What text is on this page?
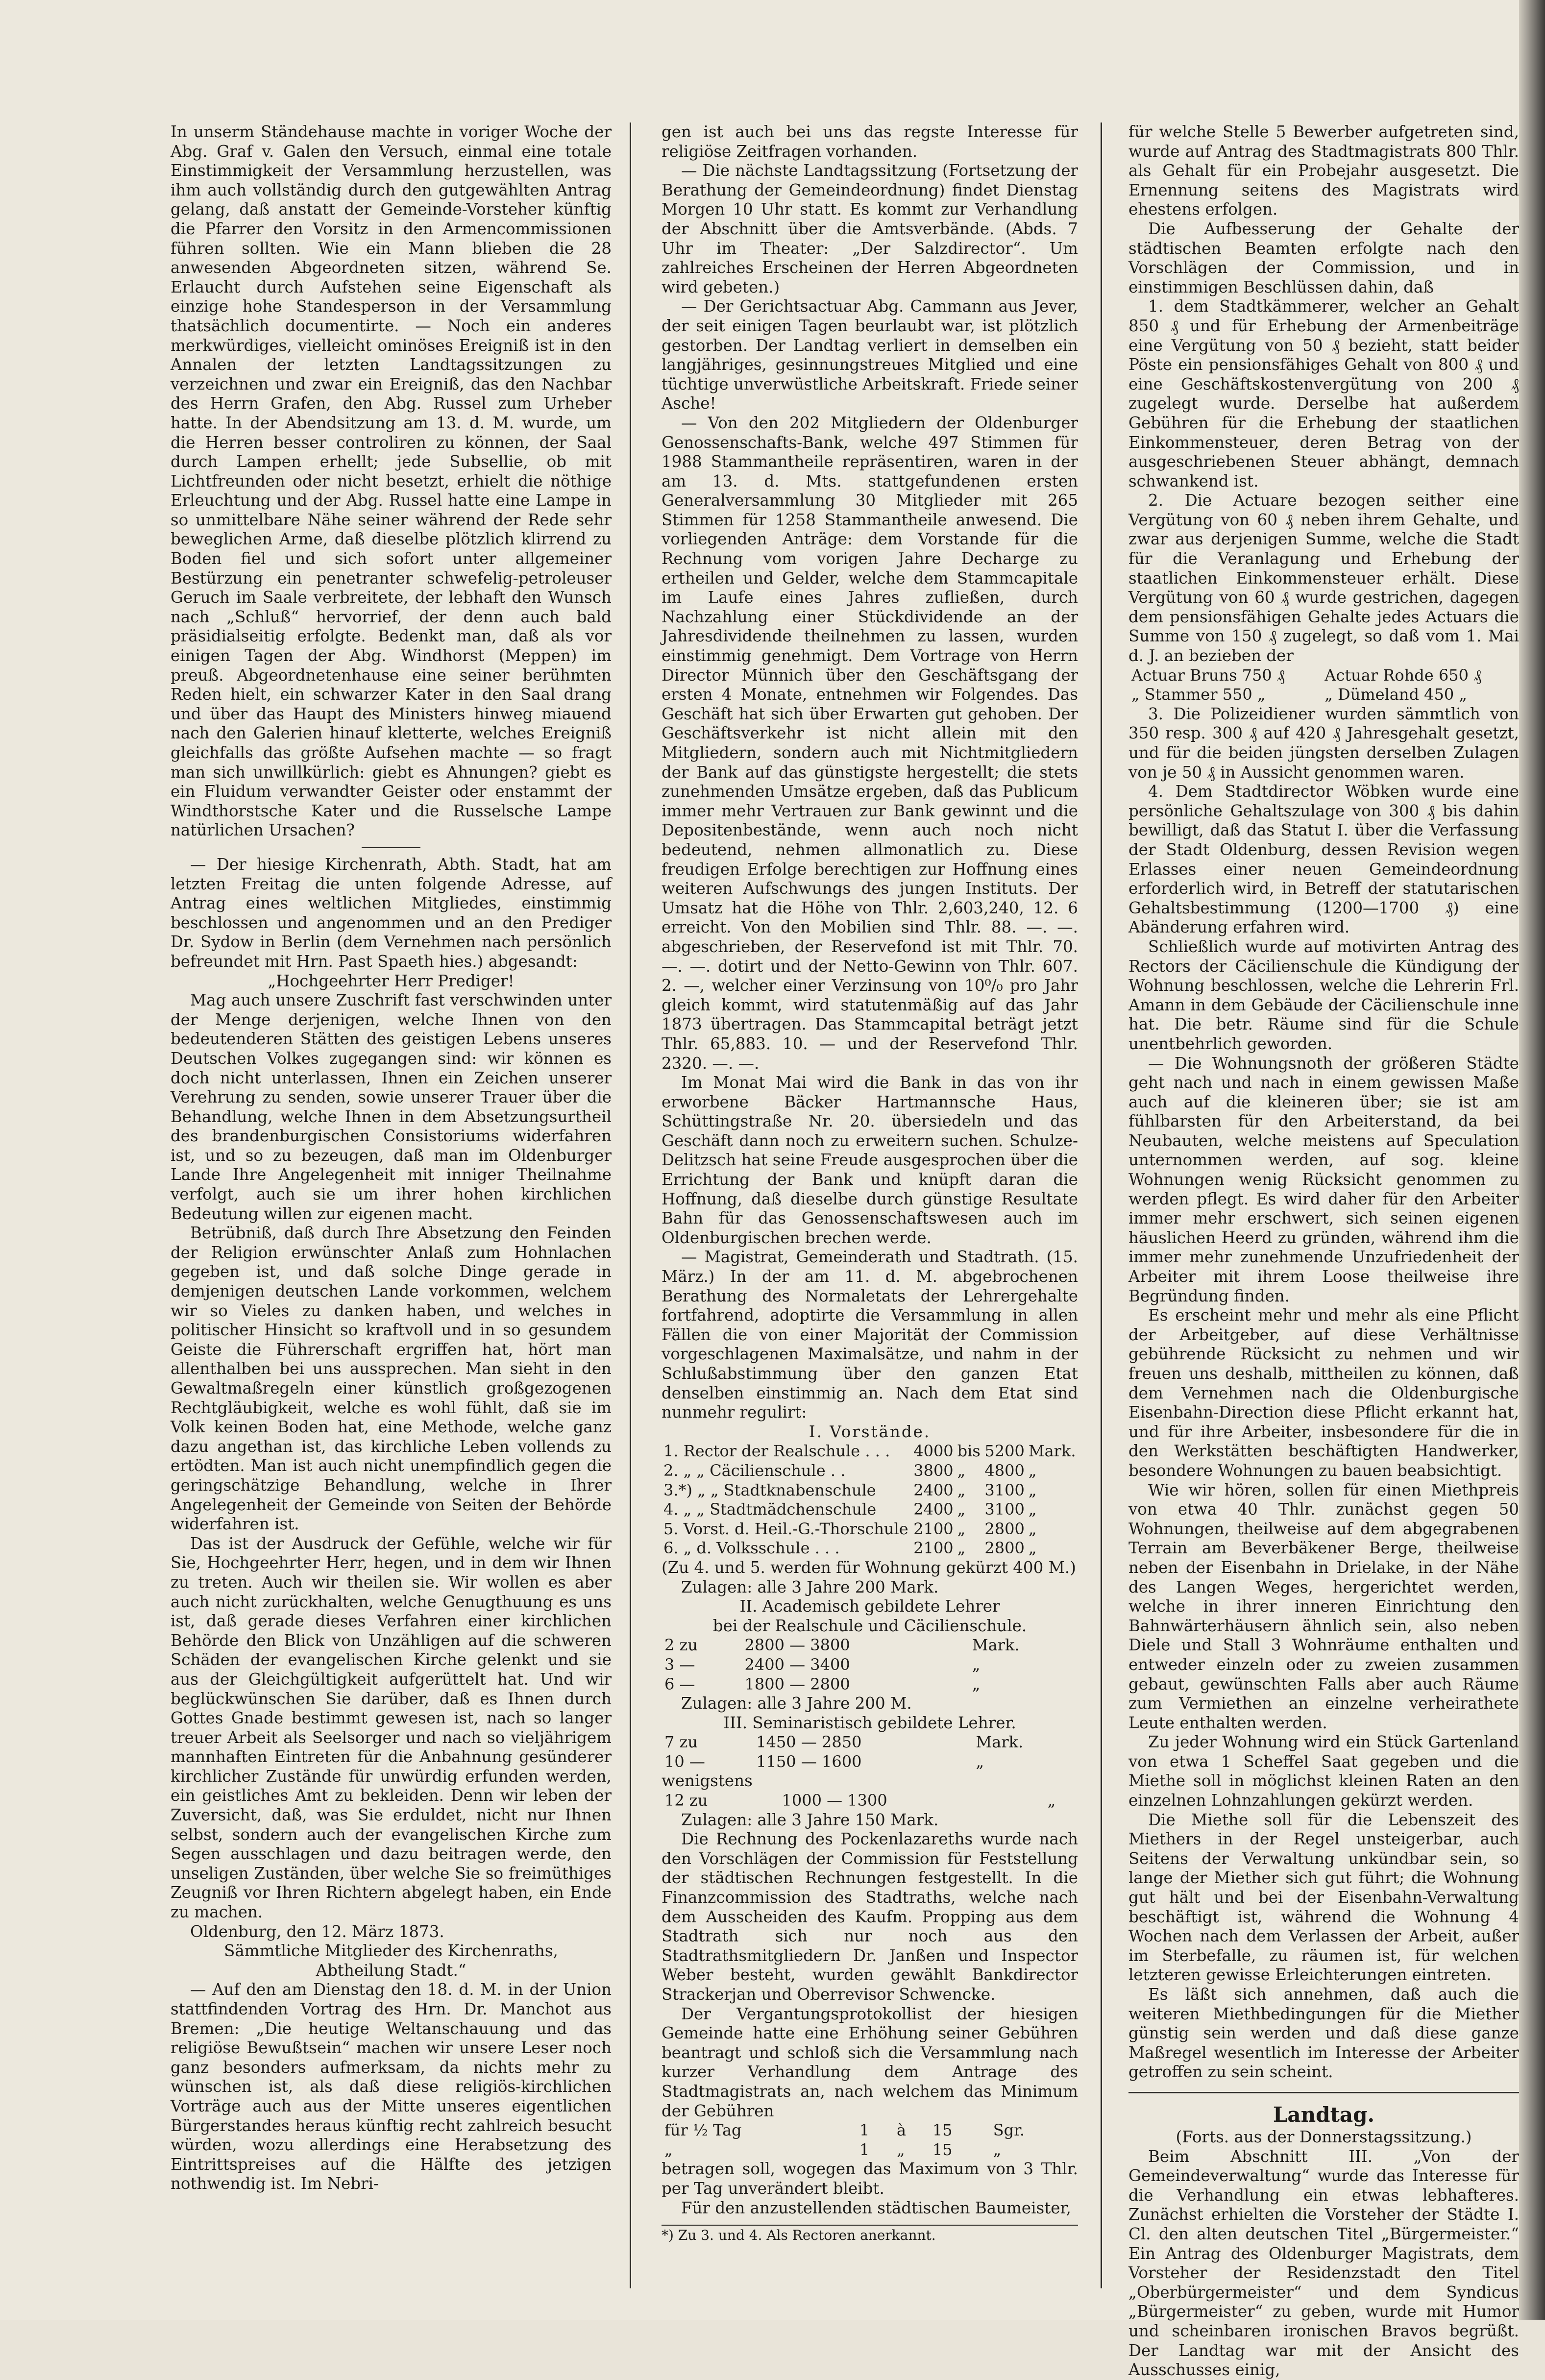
In unserm Ständehause machte in voriger Woche der Abg. Graf v. Galen den Versuch, einmal eine totale Einstimmigkeit der Versammlung herzustellen, was ihm auch vollständig durch den gutgewählten Antrag gelang, daß anstatt der Gemeinde-Vorsteher künftig die Pfarrer den Vorsitz in den Armencommissionen führen sollten. Wie ein Mann blieben die 28 anwesenden Abgeordneten sitzen, während Se. Erlaucht durch Aufstehen seine Eigenschaft als einzige hohe Standesperson in der Versammlung thatsächlich documentirte. — Noch ein anderes merkwürdiges, vielleicht ominöses Ereigniß ist in den Annalen der letzten Landtagssitzungen zu verzeichnen und zwar ein Ereigniß, das den Nachbar des Herrn Grafen, den Abg. Russel zum Urheber hatte. In der Abendsitzung am 13. d. M. wurde, um die Herren besser controliren zu können, der Saal durch Lampen erhellt; jede Subsellie, ob mit Lichtfreunden oder nicht besetzt, erhielt die nöthige Erleuchtung und der Abg. Russel hatte eine Lampe in so unmittelbare Nähe seiner während der Rede sehr beweglichen Arme, daß dieselbe plötzlich klirrend zu Boden fiel und sich sofort unter allgemeiner Bestürzung ein penetranter schwefelig-petroleuser Geruch im Saale verbreitete, der lebhaft den Wunsch nach „Schluß“ hervorrief, der denn auch bald präsidialseitig erfolgte. Bedenkt man, daß als vor einigen Tagen der Abg. Windhorst (Meppen) im preuß. Abgeordnetenhause eine seiner berühmten Reden hielt, ein schwarzer Kater in den Saal drang und über das Haupt des Ministers hinweg miauend nach den Galerien hinauf kletterte, welches Ereigniß gleichfalls das größte Aufsehen machte — so fragt man sich unwillkürlich: giebt es Ahnungen? giebt es ein Fluidum verwandter Geister oder enstammt der Windthorstsche Kater und die Russelsche Lampe natürlichen Ursachen?

— Der hiesige Kirchenrath, Abth. Stadt, hat am letzten Freitag die unten folgende Adresse, auf Antrag eines weltlichen Mitgliedes, einstimmig beschlossen und angenommen und an den Prediger Dr. Sydow in Berlin (dem Vernehmen nach persönlich befreundet mit Hrn. Past Spaeth hies.) abgesandt:

„Hochgeehrter Herr Prediger!

Mag auch unsere Zuschrift fast verschwinden unter der Menge derjenigen, welche Ihnen von den bedeutenderen Stätten des geistigen Lebens unseres Deutschen Volkes zugegangen sind: wir können es doch nicht unterlassen, Ihnen ein Zeichen unserer Verehrung zu senden, sowie unserer Trauer über die Behandlung, welche Ihnen in dem Absetzungsurtheil des brandenburgischen Consistoriums widerfahren ist, und so zu bezeugen, daß man im Oldenburger Lande Ihre Angelegenheit mit inniger Theilnahme verfolgt, auch sie um ihrer hohen kirchlichen Bedeutung willen zur eigenen macht.

Betrübniß, daß durch Ihre Absetzung den Feinden der Religion erwünschter Anlaß zum Hohnlachen gegeben ist, und daß solche Dinge gerade in demjenigen deutschen Lande vorkommen, welchem wir so Vieles zu danken haben, und welches in politischer Hinsicht so kraftvoll und in so gesundem Geiste die Führerschaft ergriffen hat, hört man allenthalben bei uns aussprechen. Man sieht in den Gewaltmaßregeln einer künstlich großgezogenen Rechtgläubigkeit, welche es wohl fühlt, daß sie im Volk keinen Boden hat, eine Methode, welche ganz dazu angethan ist, das kirchliche Leben vollends zu ertödten. Man ist auch nicht unempfindlich gegen die geringschätzige Behandlung, welche in Ihrer Angelegenheit der Gemeinde von Seiten der Behörde widerfahren ist.

Das ist der Ausdruck der Gefühle, welche wir für Sie, Hochgeehrter Herr, hegen, und in dem wir Ihnen zu treten. Auch wir theilen sie. Wir wollen es aber auch nicht zurückhalten, welche Genugthuung es uns ist, daß gerade dieses Verfahren einer kirchlichen Behörde den Blick von Unzähligen auf die schweren Schäden der evangelischen Kirche gelenkt und sie aus der Gleichgültigkeit aufgerüttelt hat. Und wir beglückwünschen Sie darüber, daß es Ihnen durch Gottes Gnade bestimmt gewesen ist, nach so langer treuer Arbeit als Seelsorger und nach so vieljährigem mannhaften Eintreten für die Anbahnung gesünderer kirchlicher Zustände für unwürdig erfunden werden, ein geistliches Amt zu bekleiden. Denn wir leben der Zuversicht, daß, was Sie erduldet, nicht nur Ihnen selbst, sondern auch der evangelischen Kirche zum Segen ausschlagen und dazu beitragen werde, den unseligen Zuständen, über welche Sie so freimüthiges Zeugniß vor Ihren Richtern abgelegt haben, ein Ende zu machen.

Oldenburg, den 12. März 1873.

Sämmtliche Mitglieder des Kirchenraths,

Abtheilung Stadt.“

— Auf den am Dienstag den 18. d. M. in der Union stattfindenden Vortrag des Hrn. Dr. Manchot aus Bremen: „Die heutige Weltanschauung und das religiöse Bewußtsein“ machen wir unsere Leser noch ganz besonders aufmerksam, da nichts mehr zu wünschen ist, als daß diese religiös-kirchlichen Vorträge auch aus der Mitte unseres eigentlichen Bürgerstandes heraus künftig recht zahlreich besucht würden, wozu allerdings eine Herabsetzung des Eintrittspreises auf die Hälfte des jetzigen nothwendig ist. Im Nebri-

gen ist auch bei uns das regste Interesse für religiöse Zeitfragen vorhanden.

— Die nächste Landtagssitzung (Fortsetzung der Berathung der Gemeindeordnung) findet Dienstag Morgen 10 Uhr statt. Es kommt zur Verhandlung der Abschnitt über die Amtsverbände. (Abds. 7 Uhr im Theater: „Der Salzdirector“. Um zahlreiches Erscheinen der Herren Abgeordneten wird gebeten.)

— Der Gerichtsactuar Abg. Cammann aus Jever, der seit einigen Tagen beurlaubt war, ist plötzlich gestorben. Der Landtag verliert in demselben ein langjähriges, gesinnungstreues Mitglied und eine tüchtige unverwüstliche Arbeitskraft. Friede seiner Asche!

— Von den 202 Mitgliedern der Oldenburger Genossenschafts-Bank, welche 497 Stimmen für 1988 Stammantheile repräsentiren, waren in der am 13. d. Mts. stattgefundenen ersten Generalversammlung 30 Mitglieder mit 265 Stimmen für 1258 Stammantheile anwesend. Die vorliegenden Anträge: dem Vorstande für die Rechnung vom vorigen Jahre Decharge zu ertheilen und Gelder, welche dem Stammcapitale im Laufe eines Jahres zufließen, durch Nachzahlung einer Stückdividende an der Jahresdividende theilnehmen zu lassen, wurden einstimmig genehmigt. Dem Vortrage von Herrn Director Münnich über den Geschäftsgang der ersten 4 Monate, entnehmen wir Folgendes. Das Geschäft hat sich über Erwarten gut gehoben. Der Geschäftsverkehr ist nicht allein mit den Mitgliedern, sondern auch mit Nichtmitgliedern der Bank auf das günstigste hergestellt; die stets zunehmenden Umsätze ergeben, daß das Publicum immer mehr Vertrauen zur Bank gewinnt und die Depositenbestände, wenn auch noch nicht bedeutend, nehmen allmonatlich zu. Diese freudigen Erfolge berechtigen zur Hoffnung eines weiteren Aufschwungs des jungen Instituts. Der Umsatz hat die Höhe von Thlr. 2,603,240, 12. 6 erreicht. Von den Mobilien sind Thlr. 88. —. —. abgeschrieben, der Reservefond ist mit Thlr. 70. —. —. dotirt und der Netto-Gewinn von Thlr. 607. 2. —, welcher einer Verzinsung von 10⁰/₀ pro Jahr gleich kommt, wird statutenmäßig auf das Jahr 1873 übertragen. Das Stammcapital beträgt jetzt Thlr. 65,883. 10. — und der Reservefond Thlr. 2320. —. —.

Im Monat Mai wird die Bank in das von ihr erworbene Bäcker Hartmannsche Haus, Schüttingstraße Nr. 20. übersiedeln und das Geschäft dann noch zu erweitern suchen. Schulze-Delitzsch hat seine Freude ausgesprochen über die Errichtung der Bank und knüpft daran die Hoffnung, daß dieselbe durch günstige Resultate Bahn für das Genossenschaftswesen auch im Oldenburgischen brechen werde.

— Magistrat, Gemeinderath und Stadtrath. (15. März.) In der am 11. d. M. abgebrochenen Berathung des Normaletats der Lehrergehalte fortfahrend, adoptirte die Versammlung in allen Fällen die von einer Majorität der Commission vorgeschlagenen Maximalsätze, und nahm in der Schlußabstimmung über den ganzen Etat denselben einstimmig an. Nach dem Etat sind nunmehr regulirt:

I. Vorstände.

1. Rector der Realschule . . .	4000	bis	5200	Mark.
2. „ „ Cäcilienschule . .	3800	„	4800	„
3.*) „ „ Stadtknabenschule	2400	„	3100	„
4. „ „ Stadtmädchenschule	2400	„	3100	„
5. Vorst. d. Heil.-G.-Thorschule	2100	„	2800	„
6. „ d. Volksschule . . .	2100	„	2800	„

(Zu 4. und 5. werden für Wohnung gekürzt 400 M.)

Zulagen: alle 3 Jahre 200 Mark.

II. Academisch gebildete Lehrer

bei der Realschule und Cäcilienschule.

2 zu	2800 — 3800	Mark.
3 —	2400 — 3400	„
6 —	1800 — 2800	„

Zulagen: alle 3 Jahre 200 M.

III. Seminaristisch gebildete Lehrer.

7 zu	1450 — 2850	Mark.
10 —	1150 — 1600	„

wenigstens

12 zu	1000 — 1300	„

Zulagen: alle 3 Jahre 150 Mark.

Die Rechnung des Pockenlazareths wurde nach den Vorschlägen der Commission für Feststellung der städtischen Rechnungen festgestellt. In die Finanzcommission des Stadtraths, welche nach dem Ausscheiden des Kaufm. Propping aus dem Stadtrath sich nur noch aus den Stadtrathsmitgliedern Dr. Janßen und Inspector Weber besteht, wurden gewählt Bankdirector Strackerjan und Oberrevisor Schwencke.

Der Vergantungsprotokollist der hiesigen Gemeinde hatte eine Erhöhung seiner Gebühren beantragt und schloß sich die Versammlung nach kurzer Verhandlung dem Antrage des Stadtmagistrats an, nach welchem das Minimum der Gebühren

für ½ Tag	1	à	15	Sgr.
„	1	„	15	„

betragen soll, wogegen das Maximum von 3 Thlr. per Tag unverändert bleibt.

Für den anzustellenden städtischen Baumeister,

*) Zu 3. und 4. Als Rectoren anerkannt.

für welche Stelle 5 Bewerber aufgetreten sind, wurde auf Antrag des Stadtmagistrats 800 Thlr. als Gehalt für ein Probejahr ausgesetzt. Die Ernennung seitens des Magistrats wird ehestens erfolgen.

Die Aufbesserung der Gehalte der städtischen Beamten erfolgte nach den Vorschlägen der Commission, und in einstimmigen Beschlüssen dahin, daß

1. dem Stadtkämmerer, welcher an Gehalt 850 ₰ und für Erhebung der Armenbeiträge eine Vergütung von 50 ₰ bezieht, statt beider Pöste ein pensionsfähiges Gehalt von 800 ₰ und eine Geschäftskostenvergütung von 200 ₰ zugelegt wurde. Derselbe hat außerdem Gebühren für die Erhebung der staatlichen Einkommensteuer, deren Betrag von der ausgeschriebenen Steuer abhängt, demnach schwankend ist.

2. Die Actuare bezogen seither eine Vergütung von 60 ₰ neben ihrem Gehalte, und zwar aus derjenigen Summe, welche die Stadt für die Veranlagung und Erhebung der staatlichen Einkommensteuer erhält. Diese Vergütung von 60 ₰ wurde gestrichen, dagegen dem pensionsfähigen Gehalte jedes Actuars die Summe von 150 ₰ zugelegt, so daß vom 1. Mai d. J. an bezieben der

Actuar Bruns 750 ₰	Actuar Rohde 650 ₰
„ Stammer 550 „	„ Dümeland 450 „

3. Die Polizeidiener wurden sämmtlich von 350 resp. 300 ₰ auf 420 ₰ Jahresgehalt gesetzt, und für die beiden jüngsten derselben Zulagen von je 50 ₰ in Aussicht genommen waren.

4. Dem Stadtdirector Wöbken wurde eine persönliche Gehaltszulage von 300 ₰ bis dahin bewilligt, daß das Statut I. über die Verfassung der Stadt Oldenburg, dessen Revision wegen Erlasses einer neuen Gemeindeordnung erforderlich wird, in Betreff der statutarischen Gehaltsbestimmung (1200—1700 ₰) eine Abänderung erfahren wird.

Schließlich wurde auf motivirten Antrag des Rectors der Cäcilienschule die Kündigung der Wohnung beschlossen, welche die Lehrerin Frl. Amann in dem Gebäude der Cäcilienschule inne hat. Die betr. Räume sind für die Schule unentbehrlich geworden.

— Die Wohnungsnoth der größeren Städte geht nach und nach in einem gewissen Maße auch auf die kleineren über; sie ist am fühlbarsten für den Arbeiterstand, da bei Neubauten, welche meistens auf Speculation unternommen werden, auf sog. kleine Wohnungen wenig Rücksicht genommen zu werden pflegt. Es wird daher für den Arbeiter immer mehr erschwert, sich seinen eigenen häuslichen Heerd zu gründen, während ihm die immer mehr zunehmende Unzufriedenheit der Arbeiter mit ihrem Loose theilweise ihre Begründung finden.

Es erscheint mehr und mehr als eine Pflicht der Arbeitgeber, auf diese Verhältnisse gebührende Rücksicht zu nehmen und wir freuen uns deshalb, mittheilen zu können, daß dem Vernehmen nach die Oldenburgische Eisenbahn-Direction diese Pflicht erkannt hat, und für ihre Arbeiter, insbesondere für die in den Werkstätten beschäftigten Handwerker, besondere Wohnungen zu bauen beabsichtigt.

Wie wir hören, sollen für einen Miethpreis von etwa 40 Thlr. zunächst gegen 50 Wohnungen, theilweise auf dem abgegrabenen Terrain am Beverbäkener Berge, theilweise neben der Eisenbahn in Drielake, in der Nähe des Langen Weges, hergerichtet werden, welche in ihrer inneren Einrichtung den Bahnwärterhäusern ähnlich sein, also neben Diele und Stall 3 Wohnräume enthalten und entweder einzeln oder zu zweien zusammen gebaut, gewünschten Falls aber auch Räume zum Vermiethen an einzelne verheirathete Leute enthalten werden.

Zu jeder Wohnung wird ein Stück Gartenland von etwa 1 Scheffel Saat gegeben und die Miethe soll in möglichst kleinen Raten an den einzelnen Lohnzahlungen gekürzt werden.

Die Miethe soll für die Lebenszeit des Miethers in der Regel unsteigerbar, auch Seitens der Verwaltung unkündbar sein, so lange der Miether sich gut führt; die Wohnung gut hält und bei der Eisenbahn-Verwaltung beschäftigt ist, während die Wohnung 4 Wochen nach dem Verlassen der Arbeit, außer im Sterbefalle, zu räumen ist, für welchen letzteren gewisse Erleichterungen eintreten.

Es läßt sich annehmen, daß auch die weiteren Miethbedingungen für die Miether günstig sein werden und daß diese ganze Maßregel wesentlich im Interesse der Arbeiter getroffen zu sein scheint.

Landtag.

(Forts. aus der Donnerstagssitzung.)

Beim Abschnitt III. „Von der Gemeindeverwaltung“ wurde das Interesse für die Verhandlung ein etwas lebhafteres. Zunächst erhielten die Vorsteher der Städte I. Cl. den alten deutschen Titel „Bürgermeister.“ Ein Antrag des Oldenburger Magistrats, dem Vorsteher der Residenzstadt den Titel „Oberbürgermeister“ und dem Syndicus „Bürgermeister“ zu geben, wurde mit Humor und scheinbaren ironischen Bravos begrüßt. Der Landtag war mit der Ansicht des Ausschusses einig,
